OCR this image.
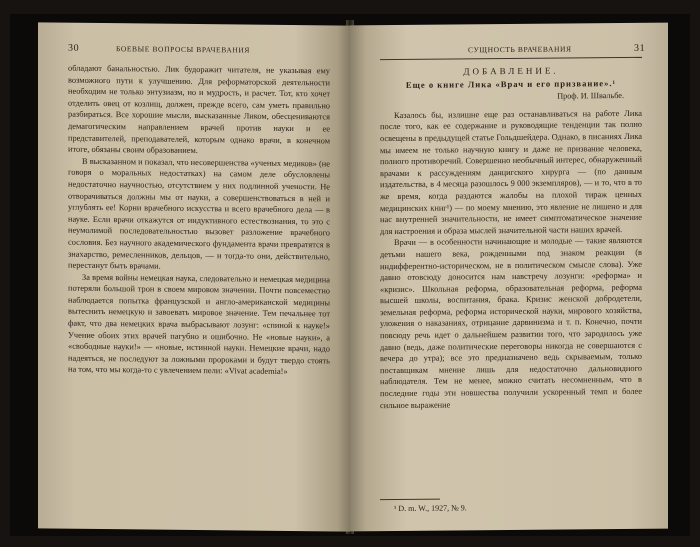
30	БОЕВЫЕ ВОПРОСЫ ВРАЧЕВАНИЯ

обладают банальностью. Лик будоражит читателя, не указывая ему возможного пути к улучшению. Для реформаторской деятельности необходим не только энтузиазм, но и мудрость, и расчет. Тот, кто хочет отделить овец от козлищ, должен, прежде всего, сам уметь правильно разбираться. Все хорошие мысли, высказанные Ликом, обесцениваются демагогическим направлением врачей против науки и ее представителей, преподавателей, которым однако врачи, в конечном итоге, обязаны своим образованием.

В высказанном и показал, что несовершенства «ученых медиков» (не говоря о моральных недостатках) на самом деле обусловлены недостаточно научностью, отсутствием у них подлинной учености. Не отворачиваться должны мы от науки, а совершенствоваться в ней и углублять ее! Корни врачебного искусства и всего врачебного дела — в науке. Если врачи откажутся от индуктивного естествознания, то это с неумолимой последовательностью вызовет разложение врачебного сословия. Без научного академического фундамента врачи превратятся в знахарство, ремесленников, дельцов, — и тогда-то они, действительно, перестанут быть врачами.

За время войны немецкая наука, следовательно и немецкая медицина потеряли большой трон в своем мировом значении. Почти повсеместно наблюдается попытка французской и англо-американской медицины вытеснить немецкую и завоевать мировое значение. Тем печальнее тот факт, что два немецких врача выбрасывают лозунг: «спиной к науке!» Учение обоих этих врачей пагубно и ошибочно. Не «новые науки», а «свободные науки!» — «новые, истинной науки. Немецкие врачи, надо надеяться, не последуют за ложными пророками и будут твердо стоять на том, что мы когда-то с увлечением пели: «Vivat academia!»

СУЩНОСТЬ ВРАЧЕВАНИЯ	31
ДОБАВЛЕНИЕ.
Еще о книге Лика «Врач и его призвание».¹
Проф. И. Швальбе.

Казалось бы, излишне еще раз останавливаться на работе Лика после того, как ее содержание и руководящие тенденции так полно освещены в предыдущей статье Гольдшейдера. Однако, в писаниях Лика мы имеем не только научную книгу и даже не призвание человека, полного противоречий. Совершенно необычный интерес, обнаруженный врачами к рассуждениям данцигского хирурга — (по данным издательства, в 4 месяца разошлось 9 000 экземпляров), — и то, что в то же время, когда раздаются жалобы на плохой тираж ценных медицинских книг¹) — по моему мнению, это явление не лишено и для нас внутренней значительности, не имеет симптоматическое значение для настроения и образа мыслей значительной части наших врачей.

Врачи — в особенности начинающие и молодые — такие являются детьми нашего века, рожденными под знаком реакции (в индифферентно-историческом, не в политическом смысле слова). Уже давно отовсюду доносится нам навстречу лозунги: «реформа» и «кризис». Школьная реформа, образовательная реформа, реформа высшей школы, воспитания, брака. Кризис женской добродетели, земельная реформа, реформа исторической науки, мирового хозяйства, уложения о наказаниях, отрицание дарвинизма и т. п. Конечно, почти повсюду речь идет о дальнейшем развитии того, что зародилось уже давно (ведь, даже политические переговоры никогда не совершаются с вечера до утра); все это предназначено ведь скрываемым, только поставщикам мнение лишь для недостаточно дальновидного наблюдателя. Тем не менее, можно считать несомненным, что в последние годы эти новшества получили ускоренный темп и более сильное выражение

¹ D. m. W., 1927, № 9.
